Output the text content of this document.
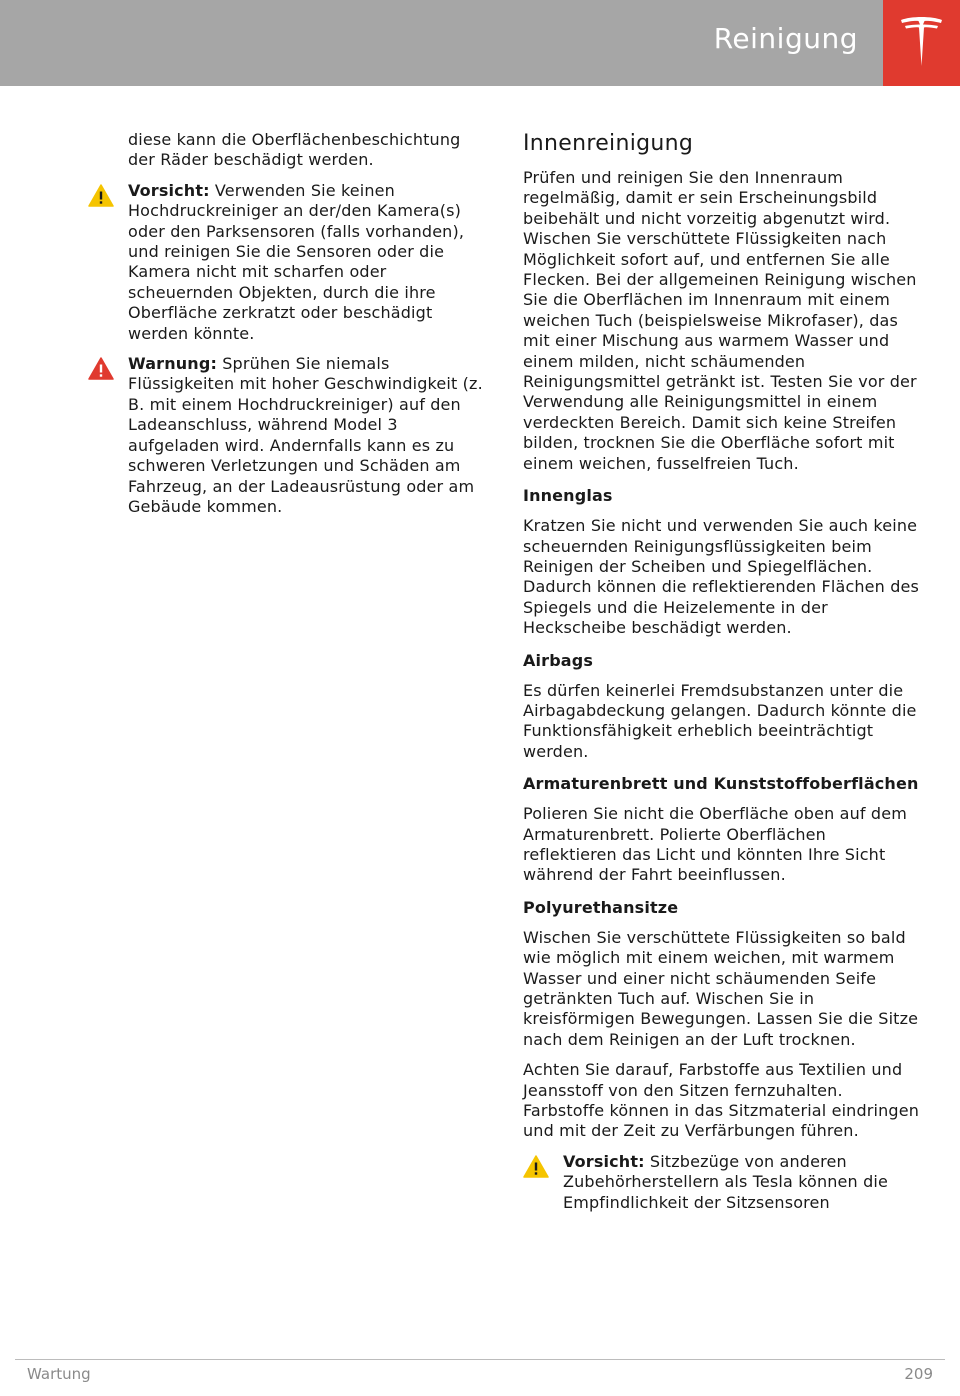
Reinigung

diese kann die Oberflächenbeschichtung der Räder beschädigt werden.

Vorsicht: Verwenden Sie keinen Hochdruckreiniger an der/den Kamera(s) oder den Parksensoren (falls vorhanden), und reinigen Sie die Sensoren oder die Kamera nicht mit scharfen oder scheuernden Objekten, durch die ihre Oberfläche zerkratzt oder beschädigt werden könnte.
Warnung: Sprühen Sie niemals Flüssigkeiten mit hoher Geschwindigkeit (z. B. mit einem Hochdruckreiniger) auf den Ladeanschluss, während Model 3 aufgeladen wird. Andernfalls kann es zu schweren Verletzungen und Schäden am Fahrzeug, an der Ladeausrüstung oder am Gebäude kommen.
Innenreinigung

Prüfen und reinigen Sie den Innenraum regelmäßig, damit er sein Erscheinungsbild beibehält und nicht vorzeitig abgenutzt wird. Wischen Sie verschüttete Flüssigkeiten nach Möglichkeit sofort auf, und entfernen Sie alle Flecken. Bei der allgemeinen Reinigung wischen Sie die Oberflächen im Innenraum mit einem weichen Tuch (beispielsweise Mikrofaser), das mit einer Mischung aus warmem Wasser und einem milden, nicht schäumenden Reinigungsmittel getränkt ist. Testen Sie vor der Verwendung alle Reinigungsmittel in einem verdeckten Bereich. Damit sich keine Streifen bilden, trocknen Sie die Oberfläche sofort mit einem weichen, fusselfreien Tuch.

Innenglas

Kratzen Sie nicht und verwenden Sie auch keine scheuernden Reinigungsflüssigkeiten beim Reinigen der Scheiben und Spiegelflächen. Dadurch können die reflektierenden Flächen des Spiegels und die Heizelemente in der Heckscheibe beschädigt werden.

Airbags

Es dürfen keinerlei Fremdsubstanzen unter die Airbagabdeckung gelangen. Dadurch könnte die Funktionsfähigkeit erheblich beeinträchtigt werden.

Armaturenbrett und Kunststoffoberflächen

Polieren Sie nicht die Oberfläche oben auf dem Armaturenbrett. Polierte Oberflächen reflektieren das Licht und könnten Ihre Sicht während der Fahrt beeinflussen.

Polyurethansitze

Wischen Sie verschüttete Flüssigkeiten so bald wie möglich mit einem weichen, mit warmem Wasser und einer nicht schäumenden Seife getränkten Tuch auf. Wischen Sie in kreisförmigen Bewegungen. Lassen Sie die Sitze nach dem Reinigen an der Luft trocknen.

Achten Sie darauf, Farbstoffe aus Textilien und Jeansstoff von den Sitzen fernzuhalten. Farbstoffe können in das Sitzmaterial eindringen und mit der Zeit zu Verfärbungen führen.

Vorsicht: Sitzbezüge von anderen Zubehörherstellern als Tesla können die Empfindlichkeit der Sitzsensoren
Wartung	209
